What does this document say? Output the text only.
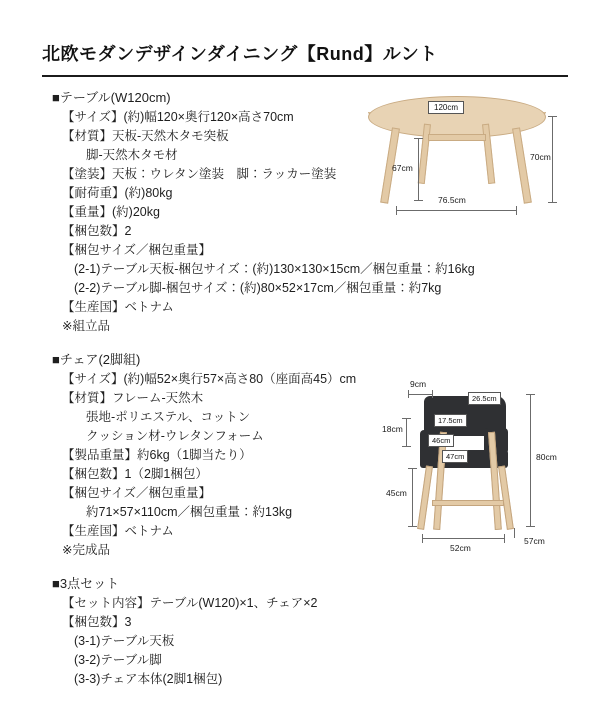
北欧モダンデザインダイニング【Rund】ルント
■テーブル(W120cm)
【サイズ】(約)幅120×奥行120×高さ70cm
【材質】天板-天然木タモ突板
脚-天然木タモ材
【塗装】天板：ウレタン塗装　脚：ラッカー塗装
【耐荷重】(約)80kg
【重量】(約)20kg
【梱包数】2
【梱包サイズ／梱包重量】
(2-1)テーブル天板-梱包サイズ：(約)130×130×15cm／梱包重量：約16kg
(2-2)テーブル脚-梱包サイズ：(約)80×52×17cm／梱包重量：約7kg
【生産国】ベトナム
※組立品
■チェア(2脚組)
【サイズ】(約)幅52×奥行57×高さ80（座面高45）cm
【材質】フレーム-天然木
張地-ポリエステル、コットン
クッション材-ウレタンフォーム
【製品重量】約6kg（1脚当たり）
【梱包数】1（2脚1梱包）
【梱包サイズ／梱包重量】
約71×57×110cm／梱包重量：約13kg
【生産国】ベトナム
※完成品
■3点セット
【セット内容】テーブル(W120)×1、チェア×2
【梱包数】3
(3-1)テーブル天板
(3-2)テーブル脚
(3-3)チェア本体(2脚1梱包)
120cm
67cm
70cm
76.5cm
9cm
26.5cm
17.5cm
18cm
46cm
47cm
45cm
80cm
52cm
57cm
